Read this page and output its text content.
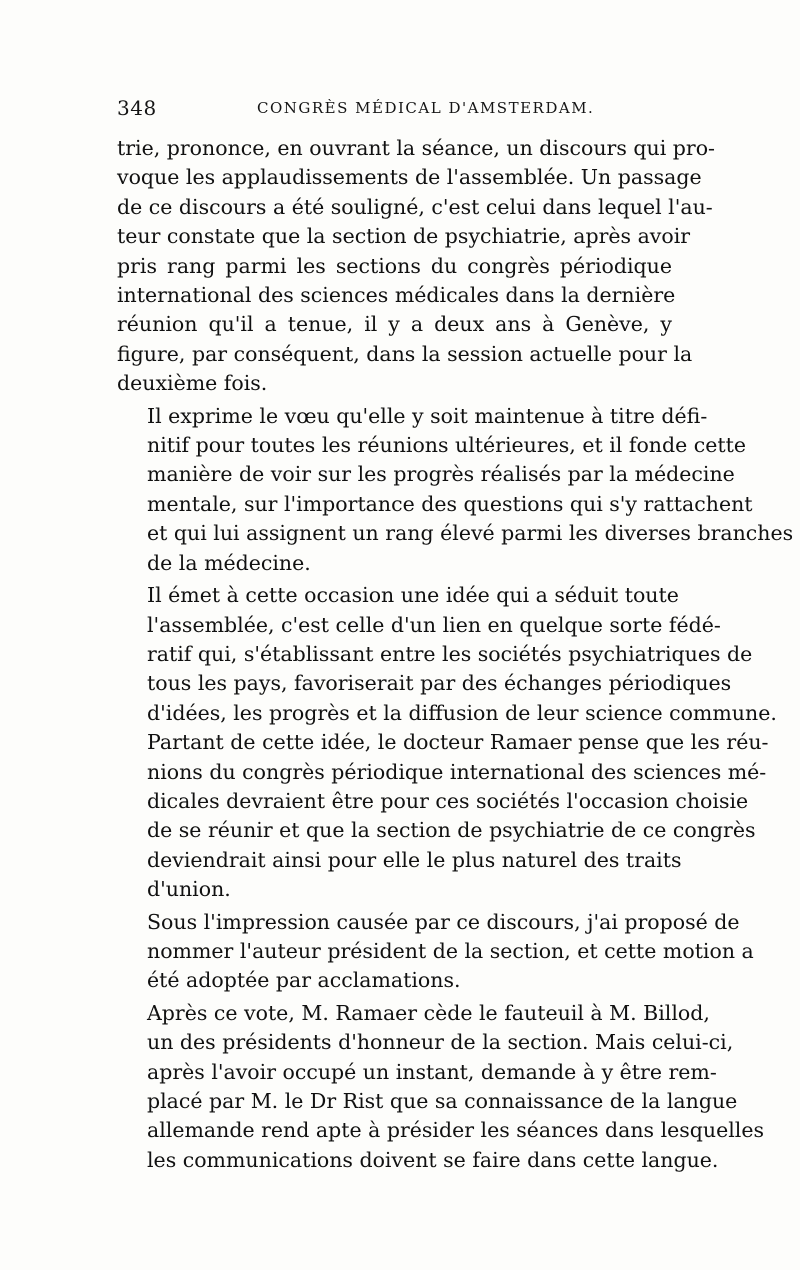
348	CONGRÈS MÉDICAL D'AMSTERDAM.

trie, prononce, en ouvrant la séance, un discours qui pro-
voque les applaudissements de l'assemblée. Un passage
de ce discours a été souligné, c'est celui dans lequel l'au-
teur constate que la section de psychiatrie, après avoir
pris rang parmi les sections du congrès périodique
international des sciences médicales dans la dernière
réunion qu'il a tenue, il y a deux ans à Genève, y
figure, par conséquent, dans la session actuelle pour la
deuxième fois.

Il exprime le vœu qu'elle y soit maintenue à titre défi-
nitif pour toutes les réunions ultérieures, et il fonde cette
manière de voir sur les progrès réalisés par la médecine
mentale, sur l'importance des questions qui s'y rattachent
et qui lui assignent un rang élevé parmi les diverses branches
de la médecine.

Il émet à cette occasion une idée qui a séduit toute
l'assemblée, c'est celle d'un lien en quelque sorte fédé-
ratif qui, s'établissant entre les sociétés psychiatriques de
tous les pays, favoriserait par des échanges périodiques
d'idées, les progrès et la diffusion de leur science commune.
Partant de cette idée, le docteur Ramaer pense que les réu-
nions du congrès périodique international des sciences mé-
dicales devraient être pour ces sociétés l'occasion choisie
de se réunir et que la section de psychiatrie de ce congrès
deviendrait ainsi pour elle le plus naturel des traits
d'union.

Sous l'impression causée par ce discours, j'ai proposé de
nommer l'auteur président de la section, et cette motion a
été adoptée par acclamations.

Après ce vote, M. Ramaer cède le fauteuil à M. Billod,
un des présidents d'honneur de la section. Mais celui-ci,
après l'avoir occupé un instant, demande à y être rem-
placé par M. le Dr Rist que sa connaissance de la langue
allemande rend apte à présider les séances dans lesquelles
les communications doivent se faire dans cette langue.
